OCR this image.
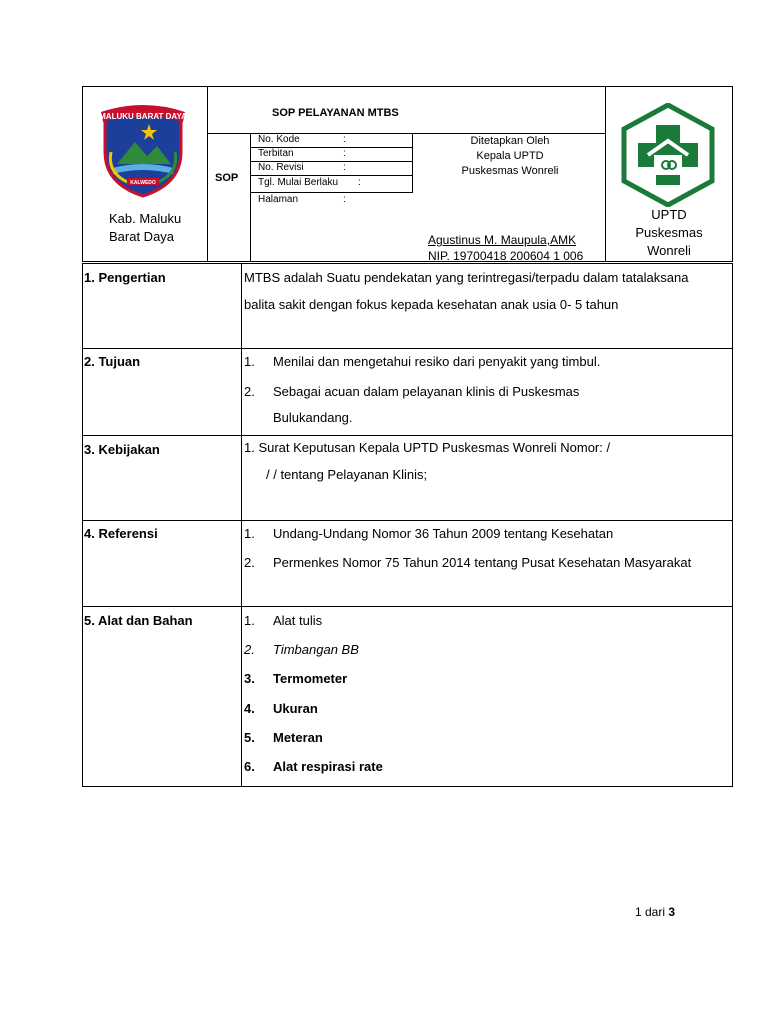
MALUKU BARAT DAYA
KALWEDO
Kab. Maluku
Barat Daya
SOP PELAYANAN MTBS
SOP
No. Kode	:
Terbitan	:
No. Revisi	:
Tgl. Mulai Berlaku :
Halaman	:
Ditetapkan Oleh
Kepala UPTD
Puskesmas Wonreli
Agustinus M. Maupula,AMK
NIP. 19700418 200604 1 006
UPTD
Puskesmas
Wonreli
1. Pengertian	MTBS adalah Suatu pendekatan yang terintregasi/terpadu dalam tatalaksana
balita sakit dengan fokus kepada kesehatan anak usia 0- 5 tahun
2. Tujuan	1. Menilai dan mengetahui resiko dari penyakit yang timbul.
2. Sebagai acuan dalam pelayanan klinis di Puskesmas
Bulukandang.
3. Kebijakan	1. Surat Keputusan Kepala UPTD Puskesmas Wonreli Nomor: /
/ / tentang Pelayanan Klinis;
4. Referensi	1. Undang-Undang Nomor 36 Tahun 2009 tentang Kesehatan
2. Permenkes Nomor 75 Tahun 2014 tentang Pusat Kesehatan Masyarakat
5. Alat dan Bahan	1. Alat tulis
2. Timbangan BB
3. Termometer
4. Ukuran
5. Meteran
6. Alat respirasi rate
1 dari 3
